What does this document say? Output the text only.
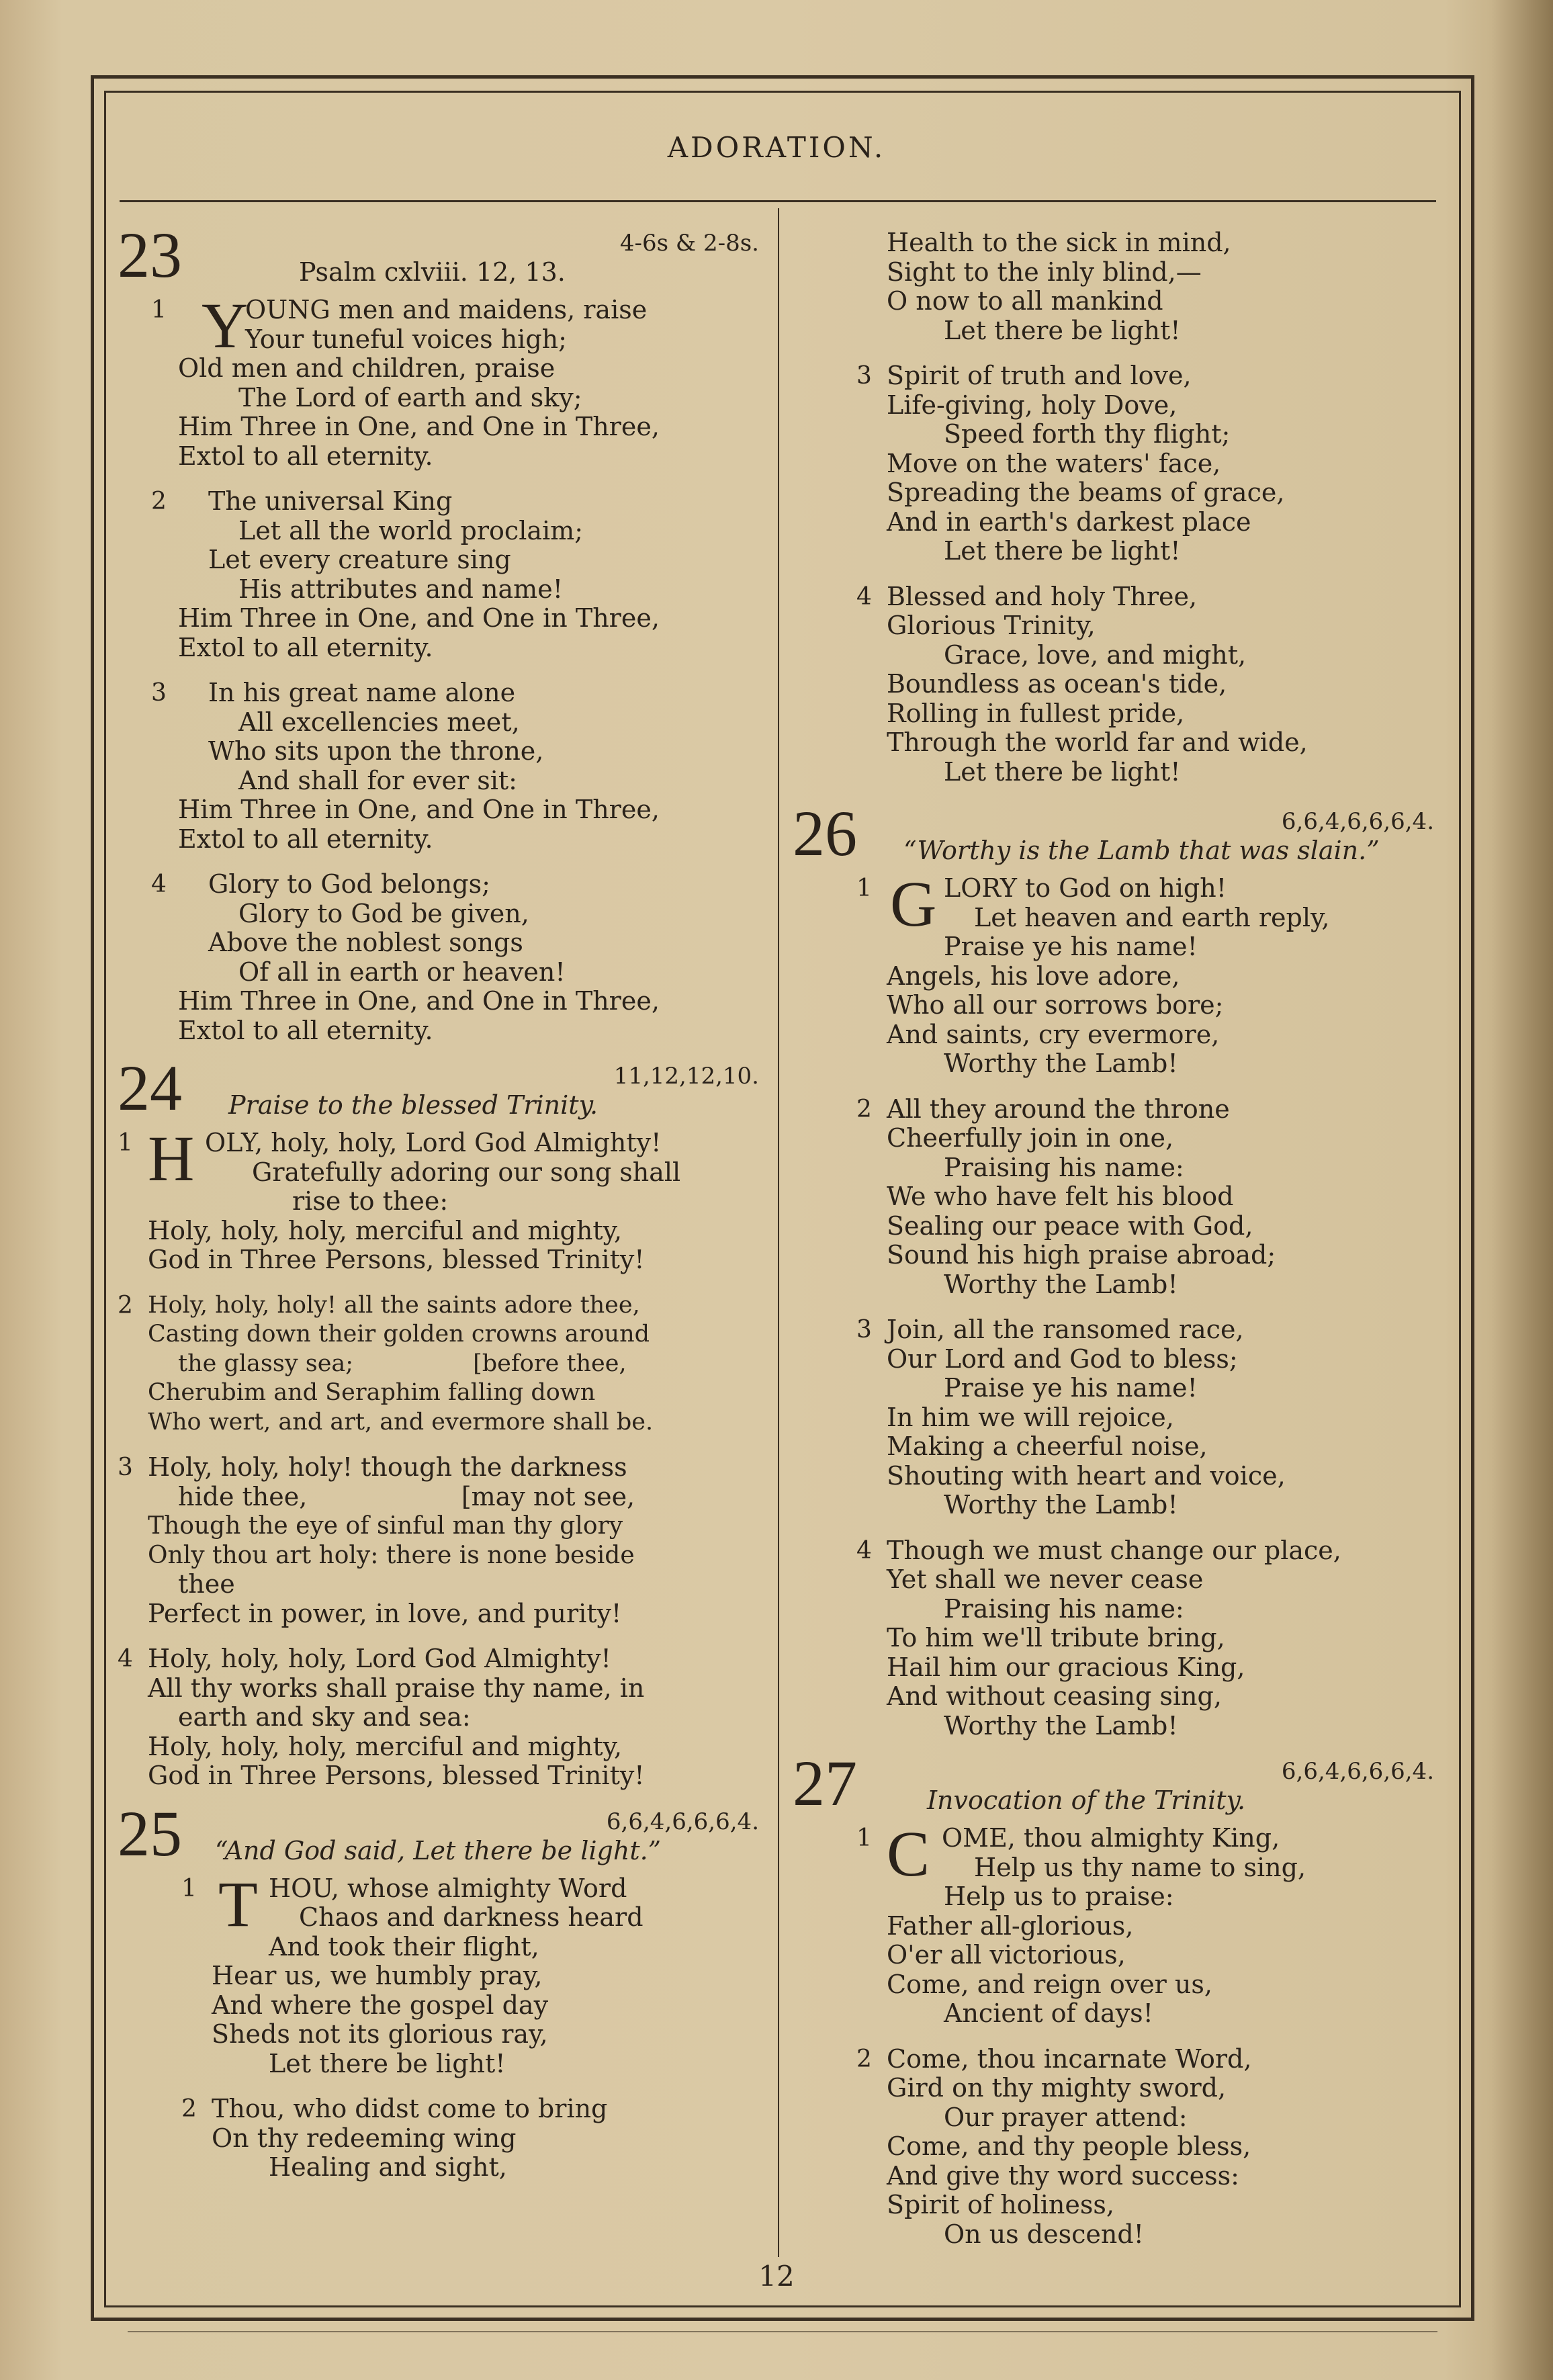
ADORATION.
23	4-6s & 2-8s.
Psalm cxlviii. 12, 13.
1 Y
OUNG men and maidens, raise
Your tuneful voices high;
Old men and children, praise
The Lord of earth and sky;
Him Three in One, and One in Three,
Extol to all eternity.
2	The universal King
Let all the world proclaim;
Let every creature sing
His attributes and name!
Him Three in One, and One in Three,
Extol to all eternity.
3	In his great name alone
All excellencies meet,
Who sits upon the throne,
And shall for ever sit:
Him Three in One, and One in Three,
Extol to all eternity.
4	Glory to God belongs;
Glory to God be given,
Above the noblest songs
Of all in earth or heaven!
Him Three in One, and One in Three,
Extol to all eternity.
24	11,12,12,10.
Praise to the blessed Trinity.
1 H OLY, holy, holy, Lord God Almighty!
Gratefully adoring our song shall
rise to thee:
Holy, holy, holy, merciful and mighty,
God in Three Persons, blessed Trinity!
2 Holy, holy, holy! all the saints adore thee,
Casting down their golden crowns around
the glassy sea;                [before thee,
Cherubim and Seraphim falling down
Who wert, and art, and evermore shall be.
3 Holy, holy, holy! though the darkness
hide thee,                   [may not see,
Though the eye of sinful man thy glory
Only thou art holy: there is none beside
thee
Perfect in power, in love, and purity!
4 Holy, holy, holy, Lord God Almighty!
All thy works shall praise thy name, in
earth and sky and sea:
Holy, holy, holy, merciful and mighty,
God in Three Persons, blessed Trinity!
25	6,6,4,6,6,6,4.
“And God said, Let there be light.”
1 T HOU, whose almighty Word
Chaos and darkness heard
And took their flight,
Hear us, we humbly pray,
And where the gospel day
Sheds not its glorious ray,
Let there be light!
2 Thou, who didst come to bring
On thy redeeming wing
Healing and sight,
Health to the sick in mind,
Sight to the inly blind,—
O now to all mankind
Let there be light!
3 Spirit of truth and love,
Life-giving, holy Dove,
Speed forth thy flight;
Move on the waters' face,
Spreading the beams of grace,
And in earth's darkest place
Let there be light!
4 Blessed and holy Three,
Glorious Trinity,
Grace, love, and might,
Boundless as ocean's tide,
Rolling in fullest pride,
Through the world far and wide,
Let there be light!
26	6,6,4,6,6,6,4.
“Worthy is the Lamb that was slain.”
1 G LORY to God on high!
Let heaven and earth reply,
Praise ye his name!
Angels, his love adore,
Who all our sorrows bore;
And saints, cry evermore,
Worthy the Lamb!
2 All they around the throne
Cheerfully join in one,
Praising his name:
We who have felt his blood
Sealing our peace with God,
Sound his high praise abroad;
Worthy the Lamb!
3 Join, all the ransomed race,
Our Lord and God to bless;
Praise ye his name!
In him we will rejoice,
Making a cheerful noise,
Shouting with heart and voice,
Worthy the Lamb!
4 Though we must change our place,
Yet shall we never cease
Praising his name:
To him we'll tribute bring,
Hail him our gracious King,
And without ceasing sing,
Worthy the Lamb!
27	6,6,4,6,6,6,4.
Invocation of the Trinity.
1 C OME, thou almighty King,
Help us thy name to sing,
Help us to praise:
Father all-glorious,
O'er all victorious,
Come, and reign over us,
Ancient of days!
2 Come, thou incarnate Word,
Gird on thy mighty sword,
Our prayer attend:
Come, and thy people bless,
And give thy word success:
Spirit of holiness,
On us descend!
12
